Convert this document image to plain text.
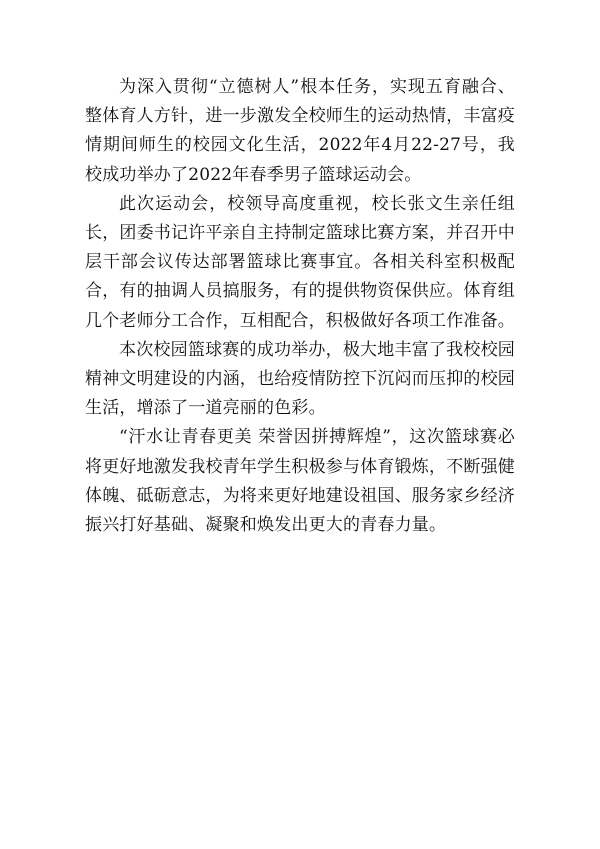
为深入贯彻“立德树人”根本任务，实现五育融合、整体育人方针，进一步激发全校师生的运动热情，丰富疫情期间师生的校园文化生活，2022年4月22-27号，我校成功举办了2022年春季男子篮球运动会。

此次运动会，校领导高度重视，校长张文生亲任组长，团委书记许平亲自主持制定篮球比赛方案，并召开中层干部会议传达部署篮球比赛事宜。各相关科室积极配合，有的抽调人员搞服务，有的提供物资保供应。体育组几个老师分工合作，互相配合，积极做好各项工作准备。

本次校园篮球赛的成功举办，极大地丰富了我校校园精神文明建设的内涵，也给疫情防控下沉闷而压抑的校园生活，增添了一道亮丽的色彩。

“汗水让青春更美 荣誉因拼搏辉煌”，这次篮球赛必将更好地激发我校青年学生积极参与体育锻炼，不断强健体魄、砥砺意志，为将来更好地建设祖国、服务家乡经济振兴打好基础、凝聚和焕发出更大的青春力量。
